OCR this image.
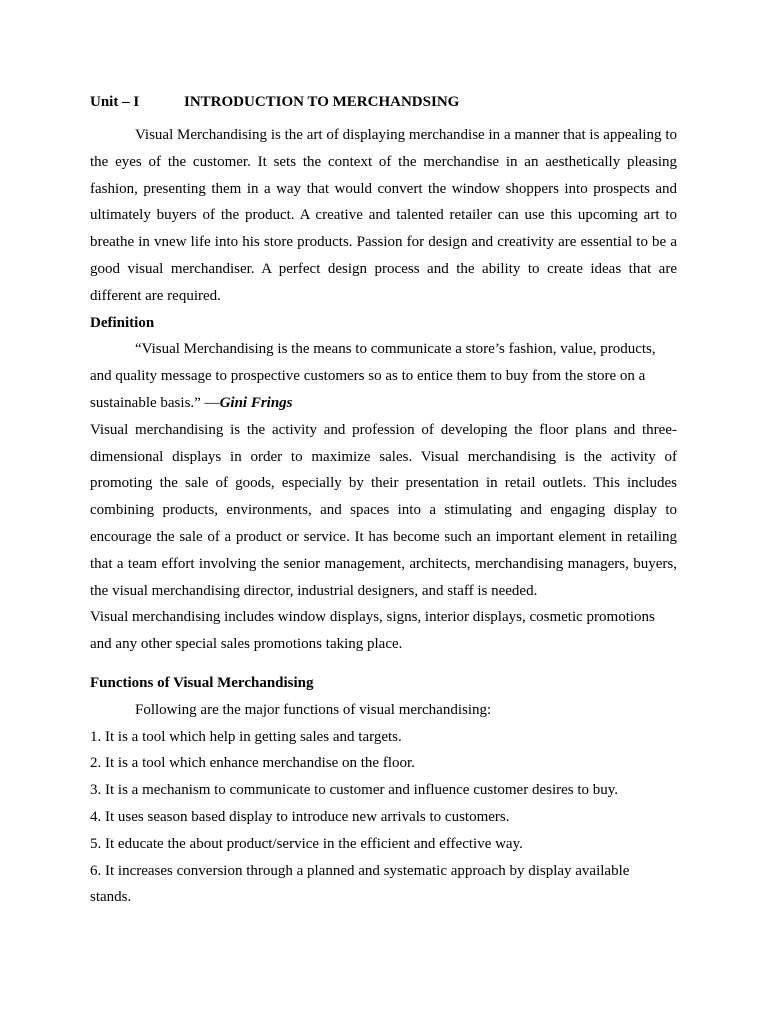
Unit – I	INTRODUCTION TO MERCHANDSING

Visual Merchandising is the art of displaying merchandise in a manner that is appealing to the eyes of the customer. It sets the context of the merchandise in an aesthetically pleasing fashion, presenting them in a way that would convert the window shoppers into prospects and ultimately buyers of the product. A creative and talented retailer can use this upcoming art to breathe in vnew life into his store products. Passion for design and creativity are essential to be a good visual merchandiser. A perfect design process and the ability to create ideas that are different are required.

Definition

“Visual Merchandising is the means to communicate a store’s fashion, value, products, and quality message to prospective customers so as to entice them to buy from the store on a sustainable basis.” —Gini Frings

Visual merchandising is the activity and profession of developing the floor plans and three-dimensional displays in order to maximize sales. Visual merchandising is the activity of promoting the sale of goods, especially by their presentation in retail outlets. This includes combining products, environments, and spaces into a stimulating and engaging display to encourage the sale of a product or service. It has become such an important element in retailing that a team effort involving the senior management, architects, merchandising managers, buyers, the visual merchandising director, industrial designers, and staff is needed.

Visual merchandising includes window displays, signs, interior displays, cosmetic promotions and any other special sales promotions taking place.

Functions of Visual Merchandising

Following are the major functions of visual merchandising:

1. It is a tool which help in getting sales and targets.
2. It is a tool which enhance merchandise on the floor.
3. It is a mechanism to communicate to customer and influence customer desires to buy.
4. It uses season based display to introduce new arrivals to customers.
5. It educate the about product/service in the efficient and effective way.
6. It increases conversion through a planned and systematic approach by display available stands.
